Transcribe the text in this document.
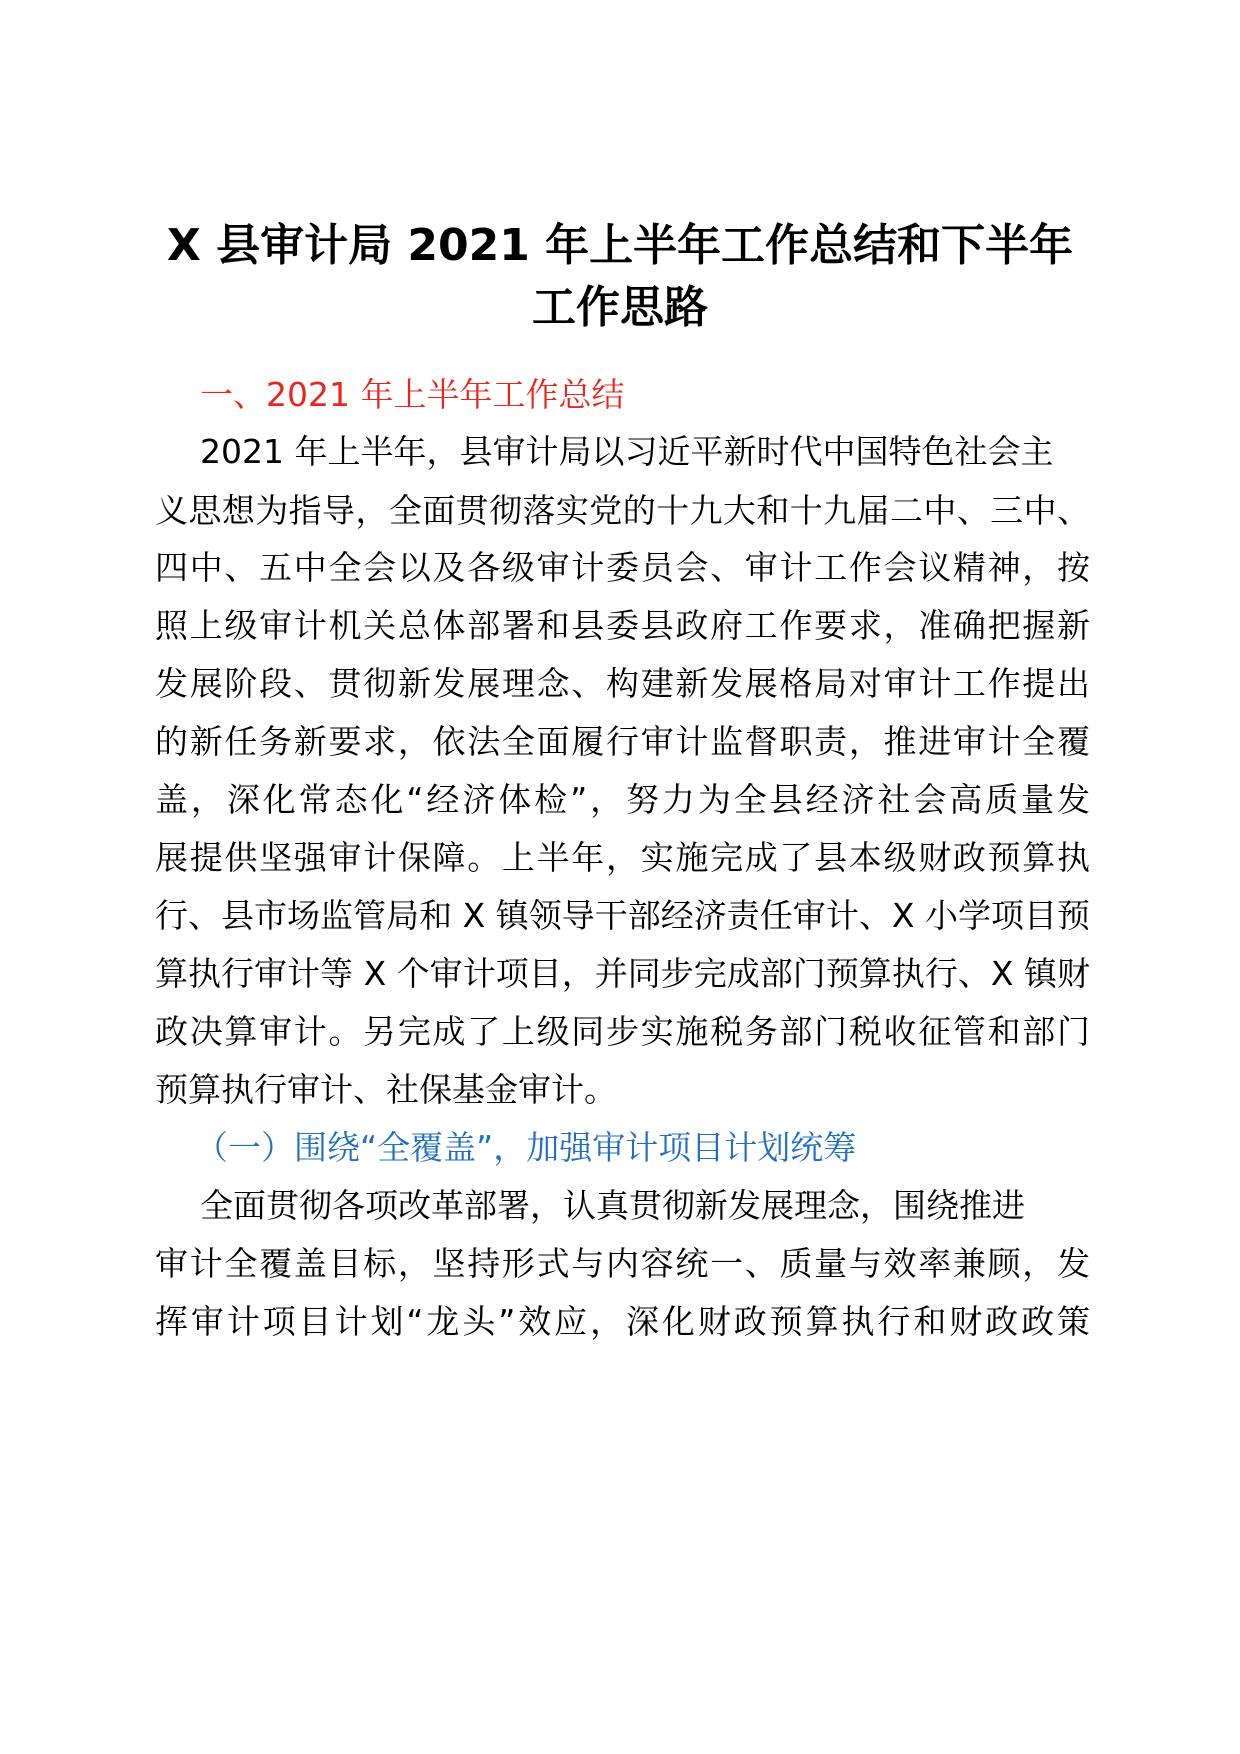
X 县审计局 2021 年上半年工作总结和下半年
工作思路
一、2021 年上半年工作总结
2021 年上半年，县审计局以习近平新时代中国特色社会主
义思想为指导，全面贯彻落实党的十九大和十九届二中、三中、
四中、五中全会以及各级审计委员会、审计工作会议精神，按
照上级审计机关总体部署和县委县政府工作要求，准确把握新
发展阶段、贯彻新发展理念、构建新发展格局对审计工作提出
的新任务新要求，依法全面履行审计监督职责，推进审计全覆
盖，深化常态化“经济体检”，努力为全县经济社会高质量发
展提供坚强审计保障。上半年，实施完成了县本级财政预算执
行、县市场监管局和 X 镇领导干部经济责任审计、X 小学项目预
算执行审计等 X 个审计项目，并同步完成部门预算执行、X 镇财
政决算审计。另完成了上级同步实施税务部门税收征管和部门
预算执行审计、社保基金审计。
（一）围绕“全覆盖”，加强审计项目计划统筹
全面贯彻各项改革部署，认真贯彻新发展理念，围绕推进
审计全覆盖目标，坚持形式与内容统一、质量与效率兼顾，发
挥审计项目计划“龙头”效应，深化财政预算执行和财政政策
